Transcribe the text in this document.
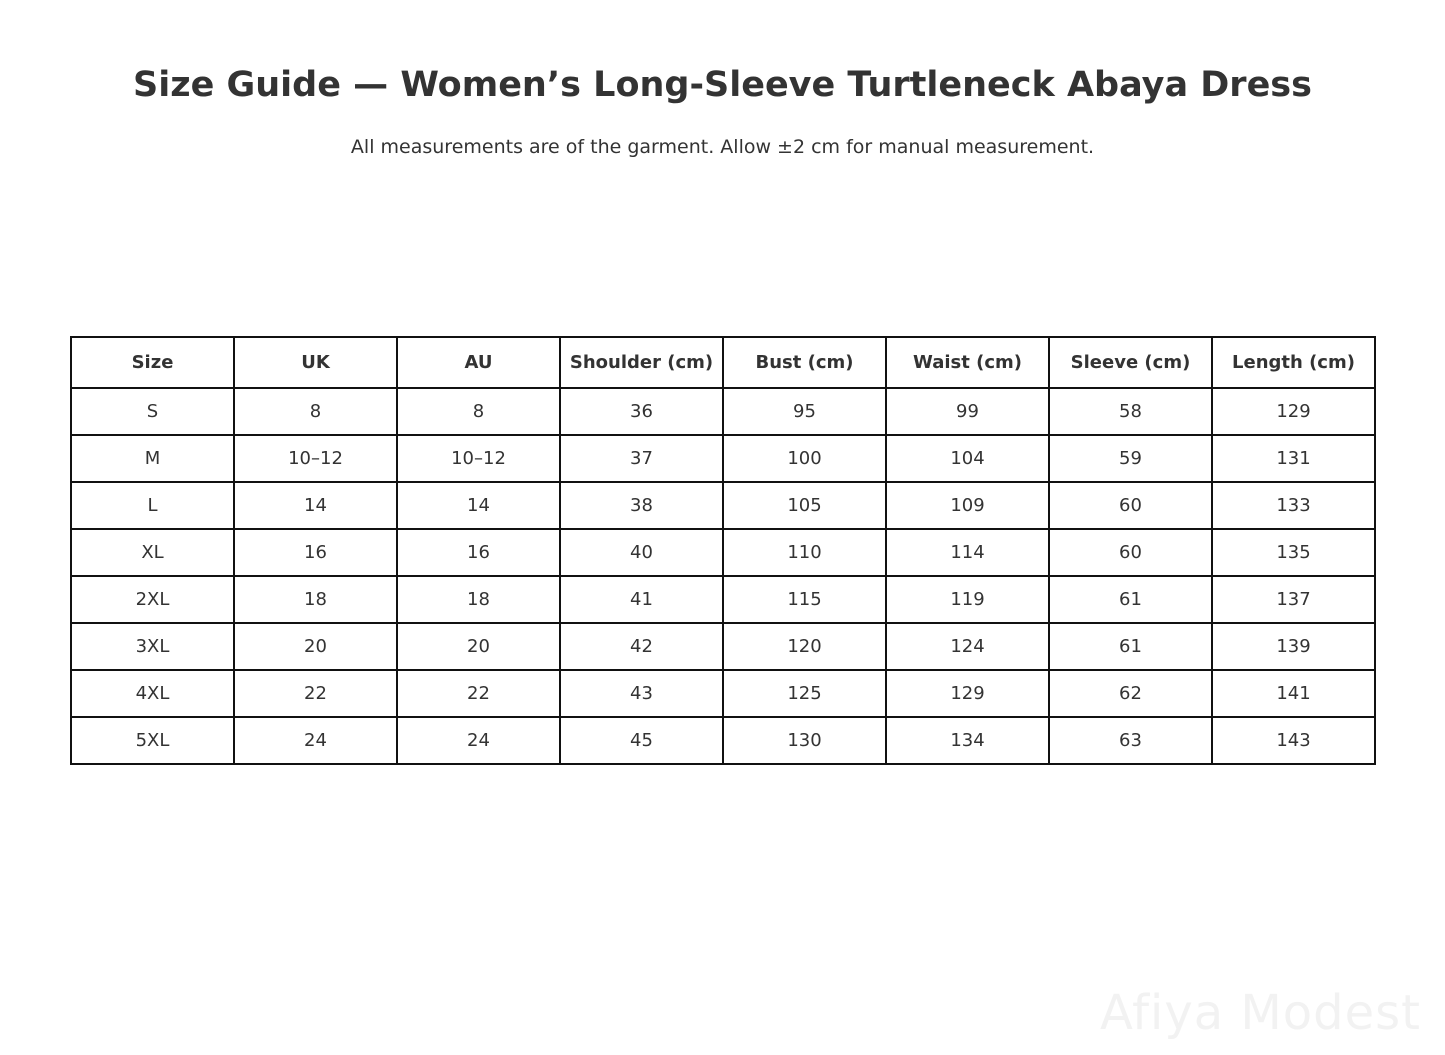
Size Guide — Women’s Long-Sleeve Turtleneck Abaya Dress

All measurements are of the garment. Allow ±2 cm for manual measurement.

Size	UK	AU	Shoulder (cm)	Bust (cm)	Waist (cm)	Sleeve (cm)	Length (cm)
S	8	8	36	95	99	58	129
M	10–12	10–12	37	100	104	59	131
L	14	14	38	105	109	60	133
XL	16	16	40	110	114	60	135
2XL	18	18	41	115	119	61	137
3XL	20	20	42	120	124	61	139
4XL	22	22	43	125	129	62	141
5XL	24	24	45	130	134	63	143
Afiya Modest
